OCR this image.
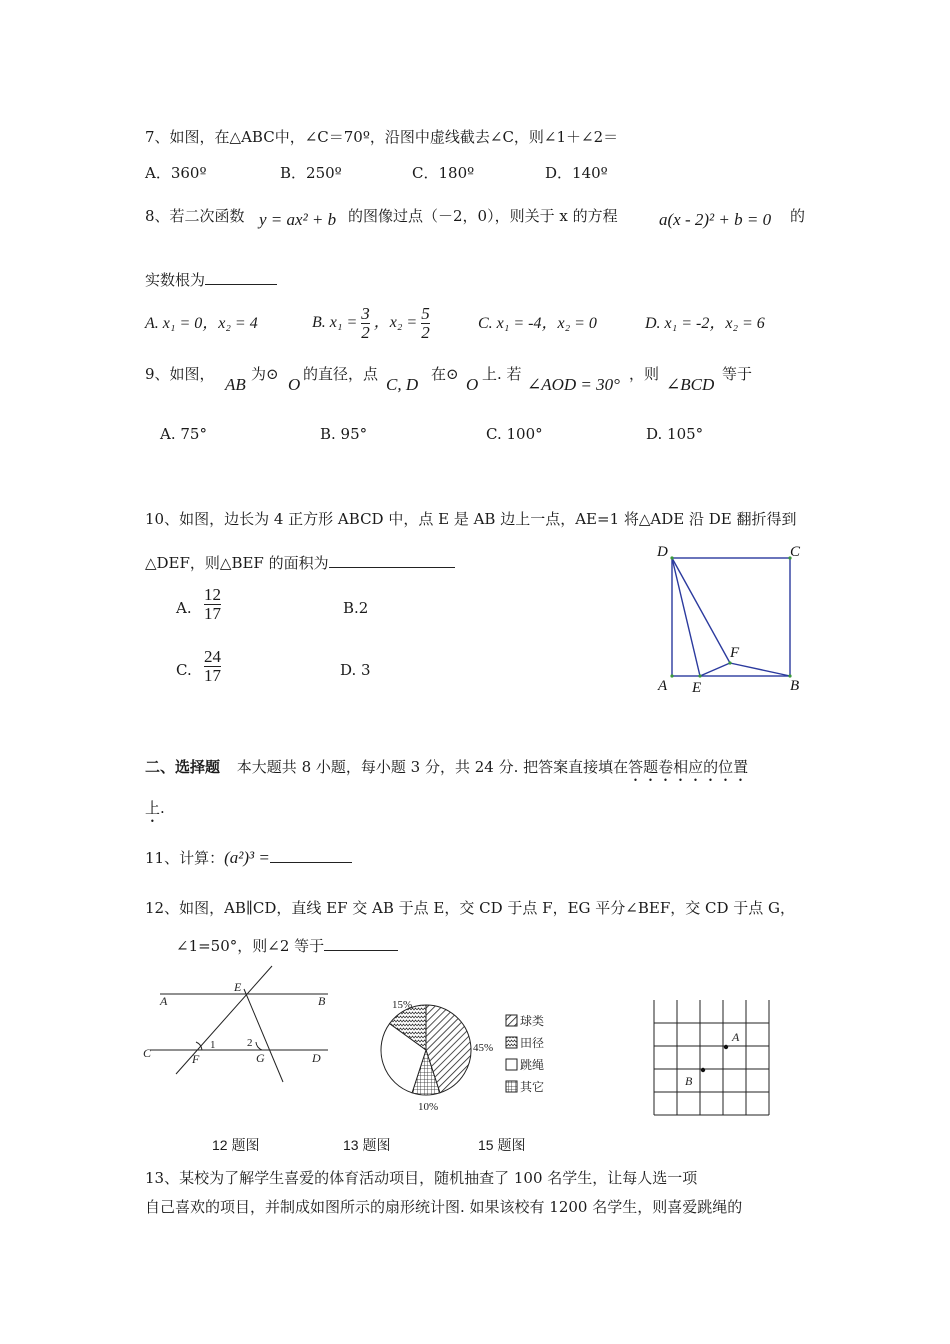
7、如图，在△ABC中，∠C＝70º，沿图中虚线截去∠C，则∠1＋∠2＝
A．360º	B．250º	C．180º	D．140º
8、若二次函数 y = ax² + b 的图像过点（－2，0），则关于 x 的方程 a(x - 2)² + b = 0 的
实数根为
A. x₁ = 0，x₂ = 4	B. $x_1 = \frac{3}{2}$ ，$x_2 = \frac{5}{2}$	C. x₁ = -4，x₂ = 0	D. x₁ = -2，x₂ = 6
9、如图，
AB
为⊙
O
的直径，点
C, D
在⊙
O
上. 若
∠AOD = 30°
，则
∠BCD
等于
A. 75°	B. 95°	C. 100°	D. 105°
10、如图，边长为 4 正方形 ABCD 中，点 E 是 AB 边上一点，AE=1 将△ADE 沿 DE 翻折得到
△DEF，则△BEF 的面积为
A. $\frac{12}{17}$	B.2
C. $\frac{24}{17}$	D. 3
D	C
A E	B
F
二、选择题 本大题共 8 小题，每小题 3 分，共 24 分. 把答案直接填在答题卷相应的位置
上.
11、计算：(a²)³ =
12、如图，AB∥CD，直线 EF 交 AB 于点 E，交 CD 于点 F，EG 平分∠BEF，交 CD 于点 G，
∠1=50°，则∠2 等于
A	B
C	D
E
F	G
1	2
15%
45%
10%
球类
田径
跳绳
其它
A
B
12 题图	13 题图	15 题图
13、某校为了解学生喜爱的体育活动项目，随机抽查了 100 名学生，让每人选一项
自己喜欢的项目，并制成如图所示的扇形统计图. 如果该校有 1200 名学生，则喜爱跳绳的
